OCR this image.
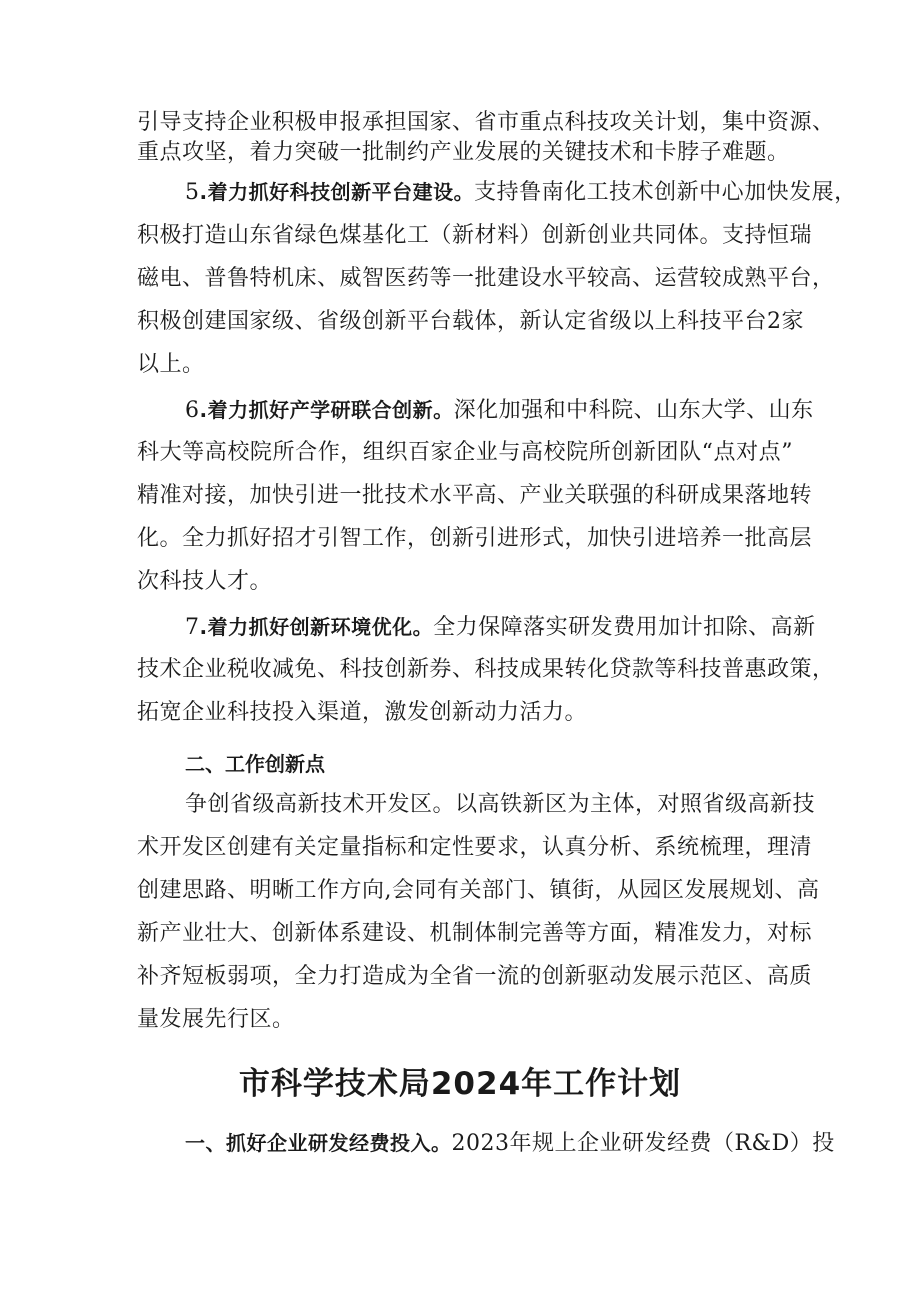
引导支持企业积极申报承担国家、省市重点科技攻关计划，集中资源、
重点攻坚，着力突破一批制约产业发展的关键技术和卡脖子难题。
5.着力抓好科技创新平台建设。支持鲁南化工技术创新中心加快发展，
积极打造山东省绿色煤基化工（新材料）创新创业共同体。支持恒瑞
磁电、普鲁特机床、威智医药等一批建设水平较高、运营较成熟平台，
积极创建国家级、省级创新平台载体，新认定省级以上科技平台2家
以上。
6.着力抓好产学研联合创新。深化加强和中科院、山东大学、山东
科大等高校院所合作，组织百家企业与高校院所创新团队“点对点”
精准对接，加快引进一批技术水平高、产业关联强的科研成果落地转
化。全力抓好招才引智工作，创新引进形式，加快引进培养一批高层
次科技人才。
7.着力抓好创新环境优化。全力保障落实研发费用加计扣除、高新
技术企业税收减免、科技创新券、科技成果转化贷款等科技普惠政策，
拓宽企业科技投入渠道，激发创新动力活力。
二、工作创新点
争创省级高新技术开发区。以高铁新区为主体，对照省级高新技
术开发区创建有关定量指标和定性要求，认真分析、系统梳理，理清
创建思路、明晰工作方向,会同有关部门、镇街，从园区发展规划、高
新产业壮大、创新体系建设、机制体制完善等方面，精准发力，对标
补齐短板弱项，全力打造成为全省一流的创新驱动发展示范区、高质
量发展先行区。
市科学技术局2024年工作计划
一、抓好企业研发经费投入。2023年规上企业研发经费（R&D）投
